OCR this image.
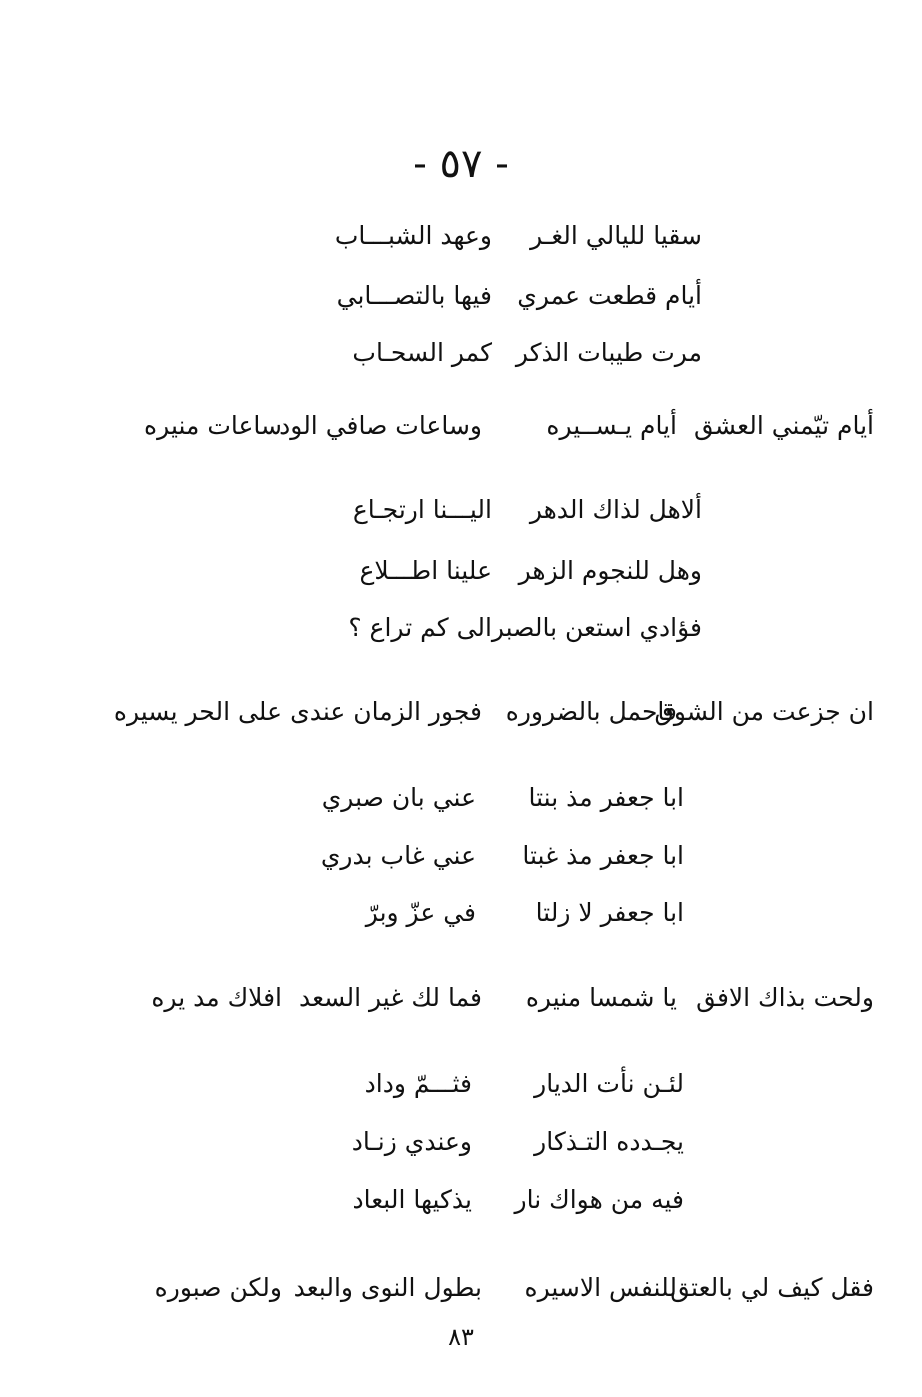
- ٥٧ -
سقيا لليالي الغـر
وعهد الشبـــاب
أيام قطعت عمري
فيها بالتصـــابي
مرت طيبات الذكر
كمر السحـاب
أيام تيّمني العشق
أيام يـســيره
وساعات صافي الود
ساعات منيره
ألاهل لذاك الدهر
اليـــنا ارتجـاع
وهل للنجوم الزهر
علينا اطـــلاع
فؤادي استعن بالصبر
الى كم تراع ؟
ان جزعت من الشوق
فاحمل بالضروره
فجور الزمان عندى
على الحر يسيره
ابا جعفر مذ بنتا
عني بان صبري
ابا جعفر مذ غبتا
عني غاب بدري
ابا جعفر لا زلتا
في عزّ وبرّ
ولحت بذاك الافق
يا شمسا منيره
فما لك غير السعد
افلاك مد يره
لئـن نأت الديار
فثـــمّ وداد
يجـدده التـذكار
وعندي زنـاد
فيه من هواك نار
يذكيها البعاد
فقل كيف لي بالعتق
للنفس الاسيره
بطول النوى والبعد
ولكن صبوره
٨٣
